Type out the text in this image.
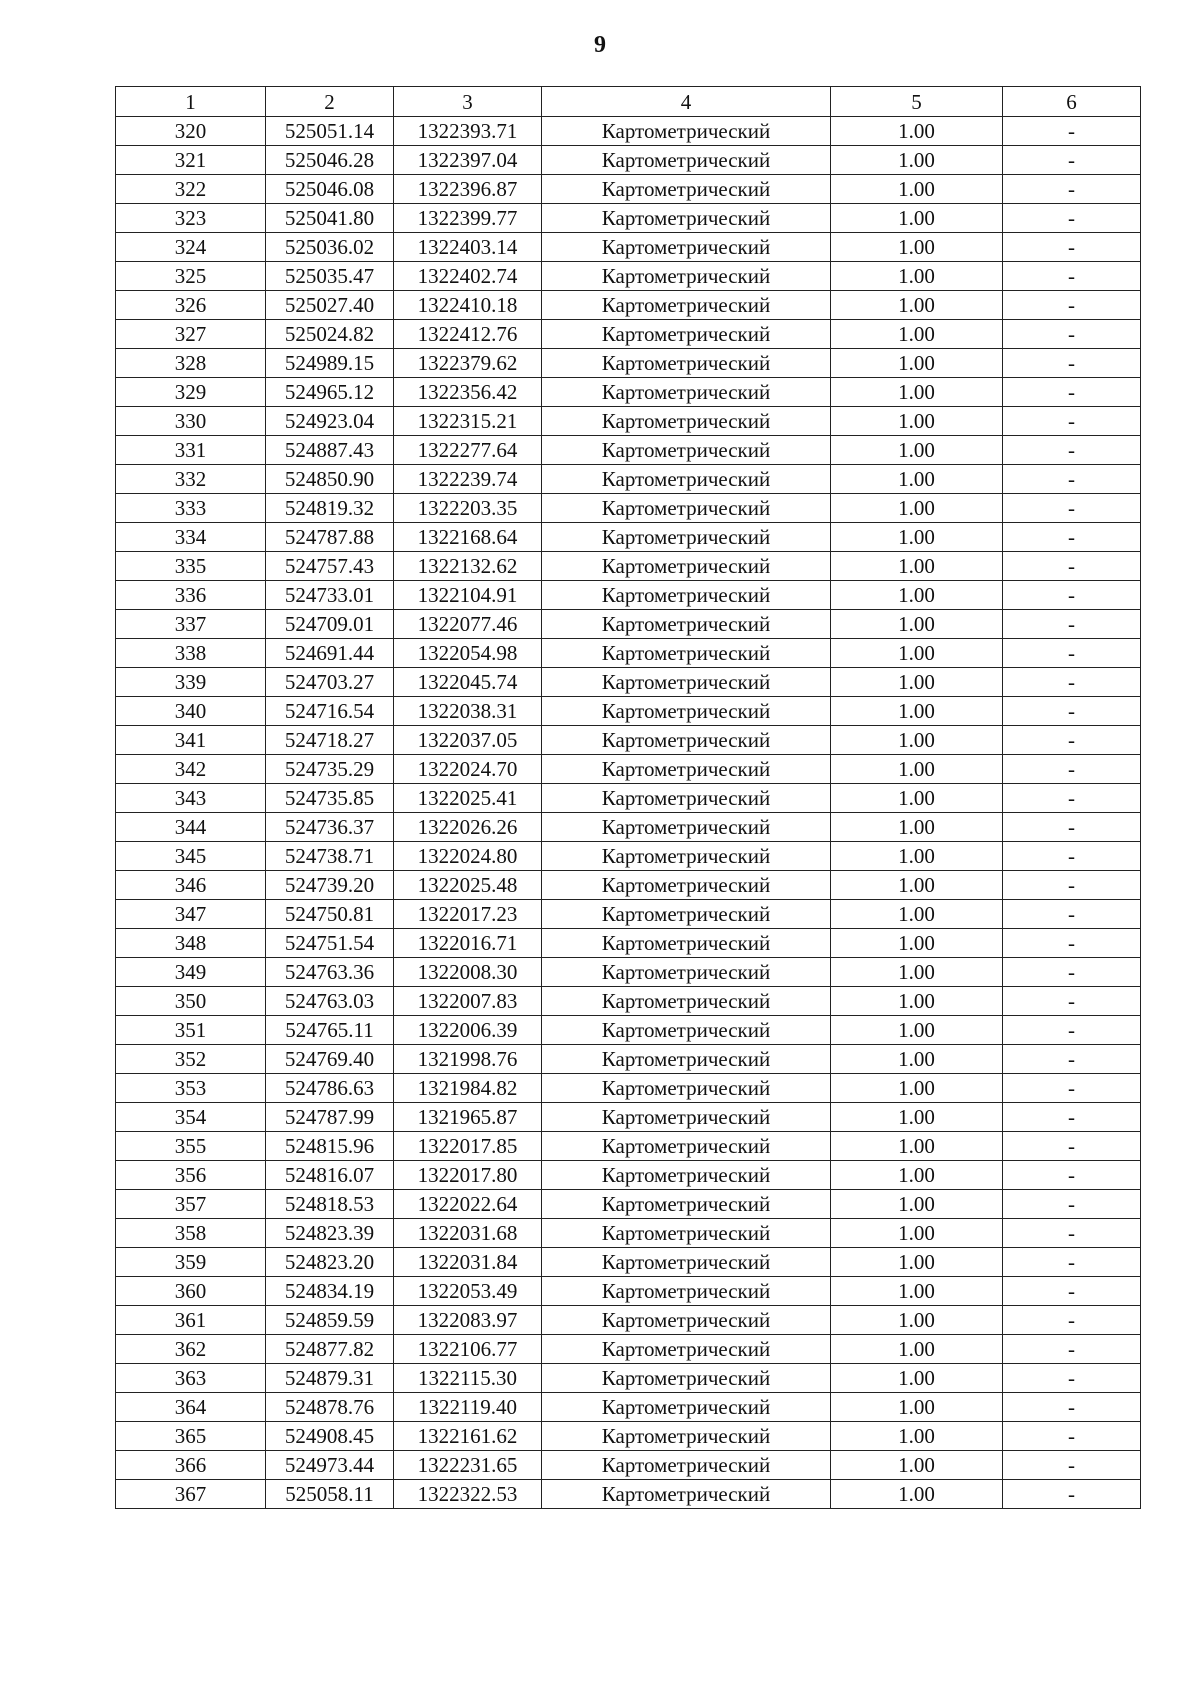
9
1	2	3	4	5	6
320	525051.14	1322393.71	Картометрический	1.00	-
321	525046.28	1322397.04	Картометрический	1.00	-
322	525046.08	1322396.87	Картометрический	1.00	-
323	525041.80	1322399.77	Картометрический	1.00	-
324	525036.02	1322403.14	Картометрический	1.00	-
325	525035.47	1322402.74	Картометрический	1.00	-
326	525027.40	1322410.18	Картометрический	1.00	-
327	525024.82	1322412.76	Картометрический	1.00	-
328	524989.15	1322379.62	Картометрический	1.00	-
329	524965.12	1322356.42	Картометрический	1.00	-
330	524923.04	1322315.21	Картометрический	1.00	-
331	524887.43	1322277.64	Картометрический	1.00	-
332	524850.90	1322239.74	Картометрический	1.00	-
333	524819.32	1322203.35	Картометрический	1.00	-
334	524787.88	1322168.64	Картометрический	1.00	-
335	524757.43	1322132.62	Картометрический	1.00	-
336	524733.01	1322104.91	Картометрический	1.00	-
337	524709.01	1322077.46	Картометрический	1.00	-
338	524691.44	1322054.98	Картометрический	1.00	-
339	524703.27	1322045.74	Картометрический	1.00	-
340	524716.54	1322038.31	Картометрический	1.00	-
341	524718.27	1322037.05	Картометрический	1.00	-
342	524735.29	1322024.70	Картометрический	1.00	-
343	524735.85	1322025.41	Картометрический	1.00	-
344	524736.37	1322026.26	Картометрический	1.00	-
345	524738.71	1322024.80	Картометрический	1.00	-
346	524739.20	1322025.48	Картометрический	1.00	-
347	524750.81	1322017.23	Картометрический	1.00	-
348	524751.54	1322016.71	Картометрический	1.00	-
349	524763.36	1322008.30	Картометрический	1.00	-
350	524763.03	1322007.83	Картометрический	1.00	-
351	524765.11	1322006.39	Картометрический	1.00	-
352	524769.40	1321998.76	Картометрический	1.00	-
353	524786.63	1321984.82	Картометрический	1.00	-
354	524787.99	1321965.87	Картометрический	1.00	-
355	524815.96	1322017.85	Картометрический	1.00	-
356	524816.07	1322017.80	Картометрический	1.00	-
357	524818.53	1322022.64	Картометрический	1.00	-
358	524823.39	1322031.68	Картометрический	1.00	-
359	524823.20	1322031.84	Картометрический	1.00	-
360	524834.19	1322053.49	Картометрический	1.00	-
361	524859.59	1322083.97	Картометрический	1.00	-
362	524877.82	1322106.77	Картометрический	1.00	-
363	524879.31	1322115.30	Картометрический	1.00	-
364	524878.76	1322119.40	Картометрический	1.00	-
365	524908.45	1322161.62	Картометрический	1.00	-
366	524973.44	1322231.65	Картометрический	1.00	-
367	525058.11	1322322.53	Картометрический	1.00	-
